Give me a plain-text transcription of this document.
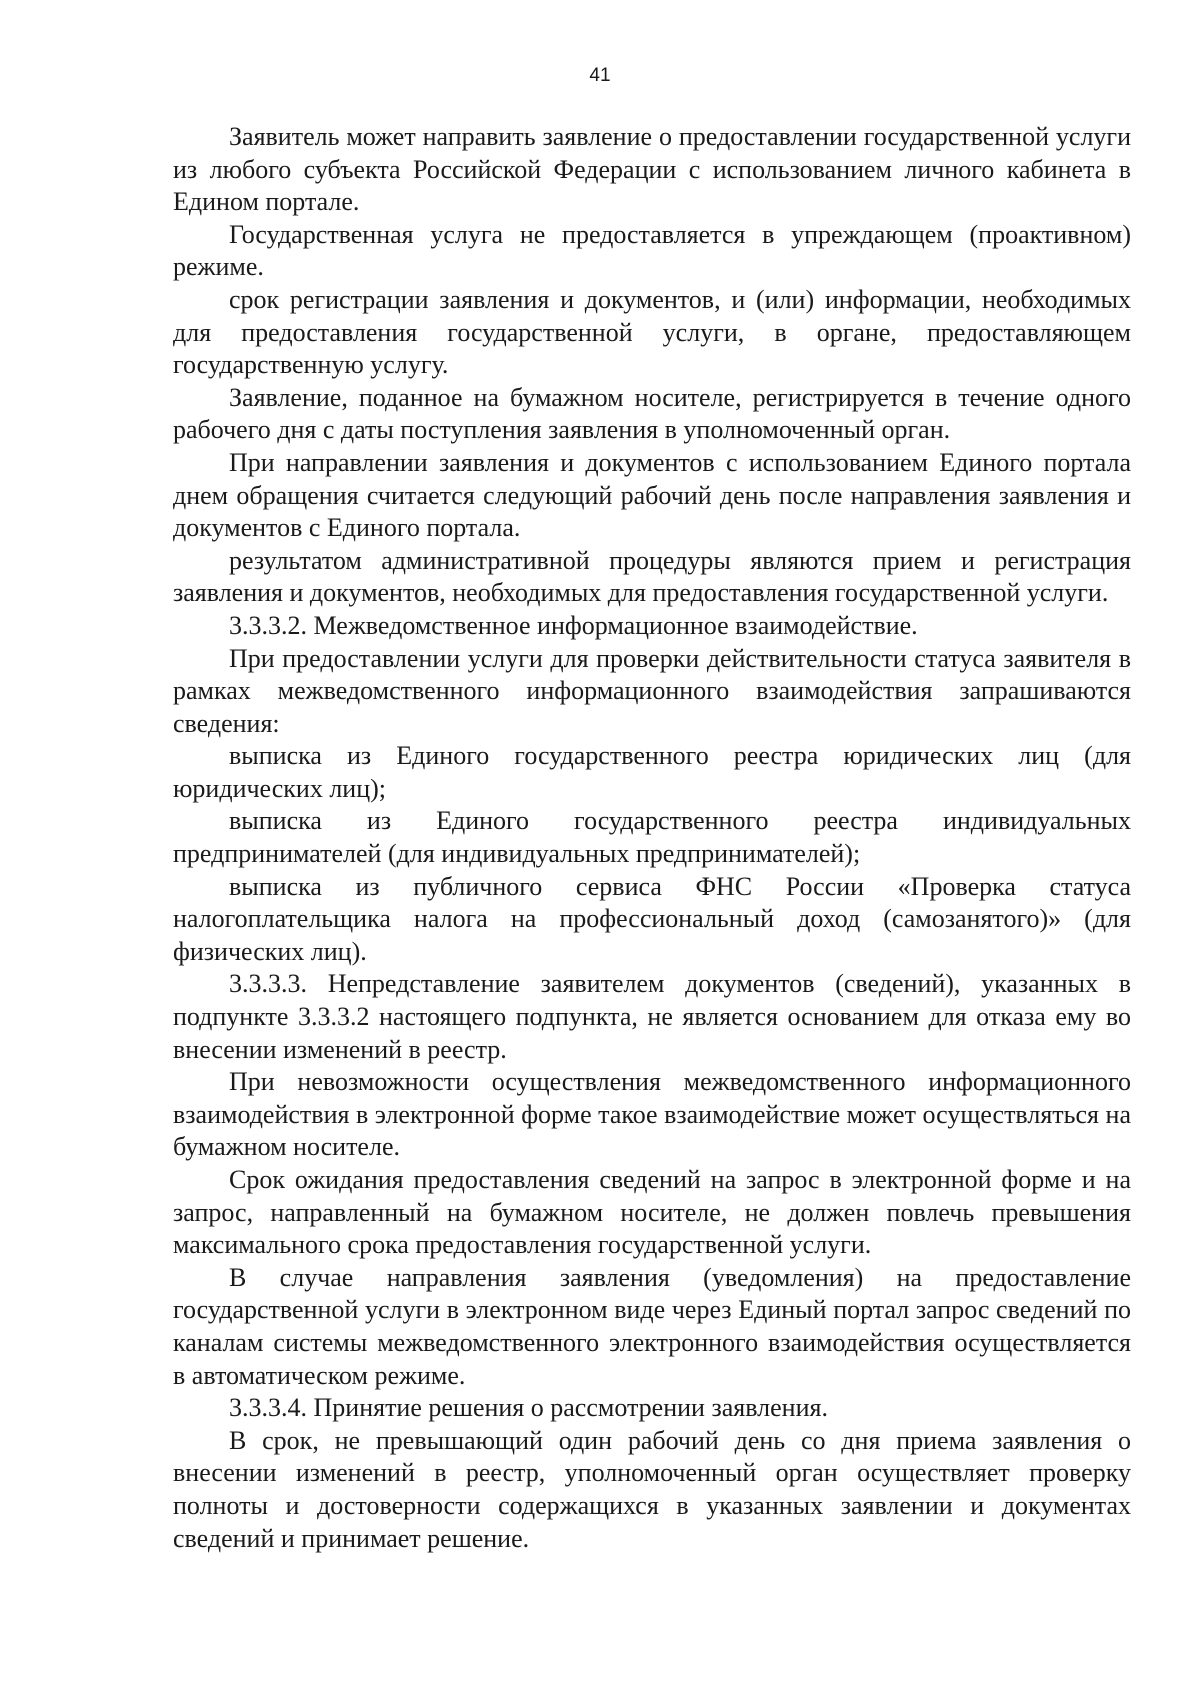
41

Заявитель может направить заявление о предоставлении государственной услуги из любого субъекта Российской Федерации с использованием личного кабинета в Едином портале.

Государственная услуга не предоставляется в упреждающем (проактивном) режиме.

срок регистрации заявления и документов, и (или) информации, необходимых для предоставления государственной услуги, в органе, предоставляющем государственную услугу.

Заявление, поданное на бумажном носителе, регистрируется в течение одного рабочего дня с даты поступления заявления в уполномоченный орган.

При направлении заявления и документов с использованием Единого портала днем обращения считается следующий рабочий день после направления заявления и документов с Единого портала.

результатом административной процедуры являются прием и регистрация заявления и документов, необходимых для предоставления государственной услуги.

3.3.3.2. Межведомственное информационное взаимодействие.

При предоставлении услуги для проверки действительности статуса заявителя в рамках межведомственного информационного взаимодействия запрашиваются сведения:

выписка из Единого государственного реестра юридических лиц (для юридических лиц);

выписка из Единого государственного реестра индивидуальных предпринимателей (для индивидуальных предпринимателей);

выписка из публичного сервиса ФНС России «Проверка статуса налогоплательщика налога на профессиональный доход (самозанятого)» (для физических лиц).

3.3.3.3. Непредставление заявителем документов (сведений), указанных в подпункте 3.3.3.2 настоящего подпункта, не является основанием для отказа ему во внесении изменений в реестр.

При невозможности осуществления межведомственного информационного взаимодействия в электронной форме такое взаимодействие может осуществляться на бумажном носителе.

Срок ожидания предоставления сведений на запрос в электронной форме и на запрос, направленный на бумажном носителе, не должен повлечь превышения максимального срока предоставления государственной услуги.

В случае направления заявления (уведомления) на предоставление государственной услуги в электронном виде через Единый портал запрос сведений по каналам системы межведомственного электронного взаимодействия осуществляется в автоматическом режиме.

3.3.3.4. Принятие решения о рассмотрении заявления.

В срок, не превышающий один рабочий день со дня приема заявления о внесении изменений в реестр, уполномоченный орган осуществляет проверку полноты и достоверности содержащихся в указанных заявлении и документах сведений и принимает решение.
